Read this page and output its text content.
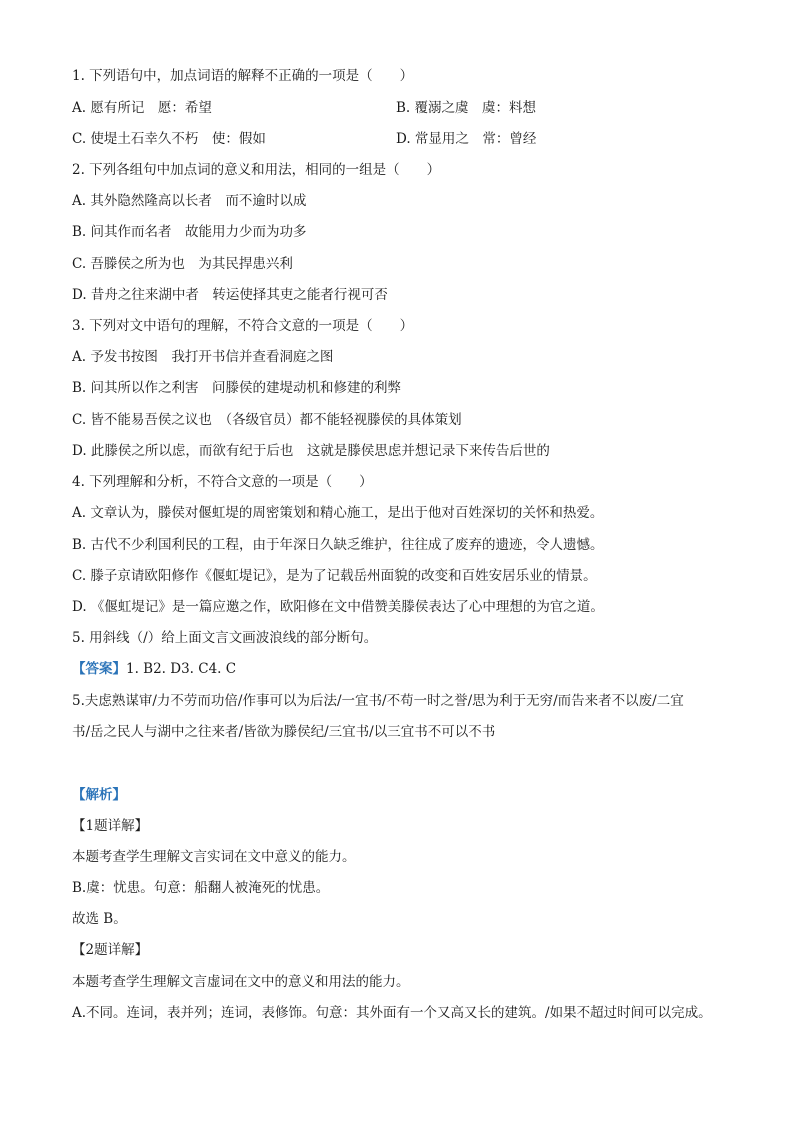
1. 下列语句中，加点词语的解释不正确的一项是（　　）
A. 愿有所记　愿：希望	B. 覆溺之虞　虞：料想
C. 使堤土石幸久不朽　使：假如	D. 常显用之　常：曾经
2. 下列各组句中加点词的意义和用法，相同的一组是（　　）
A. 其外隐然隆高以长者　而不逾时以成
B. 问其作而名者　故能用力少而为功多
C. 吾滕侯之所为也　为其民捍患兴利
D. 昔舟之往来湖中者　转运使择其吏之能者行视可否
3. 下列对文中语句的理解，不符合文意的一项是（　　）
A. 予发书按图　我打开书信并查看洞庭之图
B. 问其所以作之利害　问滕侯的建堤动机和修建的利弊
C. 皆不能易吾侯之议也　（各级官员）都不能轻视滕侯的具体策划
D. 此滕侯之所以虑，而欲有纪于后也　这就是滕侯思虑并想记录下来传告后世的
4. 下列理解和分析，不符合文意的一项是（　　）
A. 文章认为，滕侯对偃虹堤的周密策划和精心施工，是出于他对百姓深切的关怀和热爱。
B. 古代不少利国利民的工程，由于年深日久缺乏维护，往往成了废弃的遗迹，令人遗憾。
C. 滕子京请欧阳修作《偃虹堤记》，是为了记载岳州面貌的改变和百姓安居乐业的情景。
D. 《偃虹堤记》是一篇应邀之作，欧阳修在文中借赞美滕侯表达了心中理想的为官之道。
5. 用斜线（/）给上面文言文画波浪线的部分断句。
【答案】1. B2. D3. C4. C
5.夫虑熟谋审/力不劳而功倍/作事可以为后法/一宜书/不苟一时之誉/思为利于无穷/而告来者不以废/二宜
书/岳之民人与湖中之往来者/皆欲为滕侯纪/三宜书/以三宜书不可以不书
【解析】
【1题详解】
本题考查学生理解文言实词在文中意义的能力。
B.虞：忧患。句意：船翻人被淹死的忧患。
故选 B。
【2题详解】
本题考查学生理解文言虚词在文中的意义和用法的能力。
A.不同。连词，表并列；连词，表修饰。句意：其外面有一个又高又长的建筑。/如果不超过时间可以完成。
